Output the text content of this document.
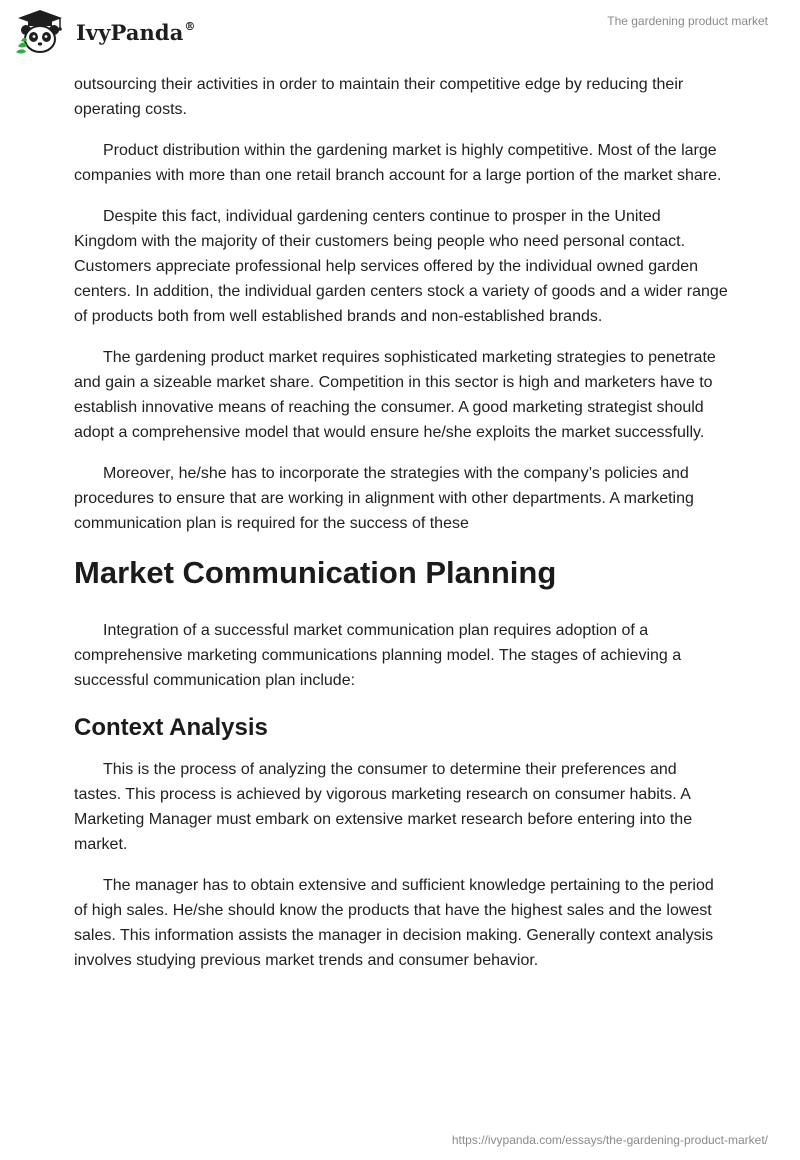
IvyPanda®	The gardening product market

outsourcing their activities in order to maintain their competitive edge by reducing their operating costs.

Product distribution within the gardening market is highly competitive. Most of the large companies with more than one retail branch account for a large portion of the market share.

Despite this fact, individual gardening centers continue to prosper in the United Kingdom with the majority of their customers being people who need personal contact. Customers appreciate professional help services offered by the individual owned garden centers. In addition, the individual garden centers stock a variety of goods and a wider range of products both from well established brands and non-established brands.

The gardening product market requires sophisticated marketing strategies to penetrate and gain a sizeable market share. Competition in this sector is high and marketers have to establish innovative means of reaching the consumer. A good marketing strategist should adopt a comprehensive model that would ensure he/she exploits the market successfully.

Moreover, he/she has to incorporate the strategies with the company’s policies and procedures to ensure that are working in alignment with other departments. A marketing communication plan is required for the success of these

Market Communication Planning

Integration of a successful market communication plan requires adoption of a comprehensive marketing communications planning model. The stages of achieving a successful communication plan include:

Context Analysis

This is the process of analyzing the consumer to determine their preferences and tastes. This process is achieved by vigorous marketing research on consumer habits. A Marketing Manager must embark on extensive market research before entering into the market.

The manager has to obtain extensive and sufficient knowledge pertaining to the period of high sales. He/she should know the products that have the highest sales and the lowest sales. This information assists the manager in decision making. Generally context analysis involves studying previous market trends and consumer behavior.

https://ivypanda.com/essays/the-gardening-product-market/
